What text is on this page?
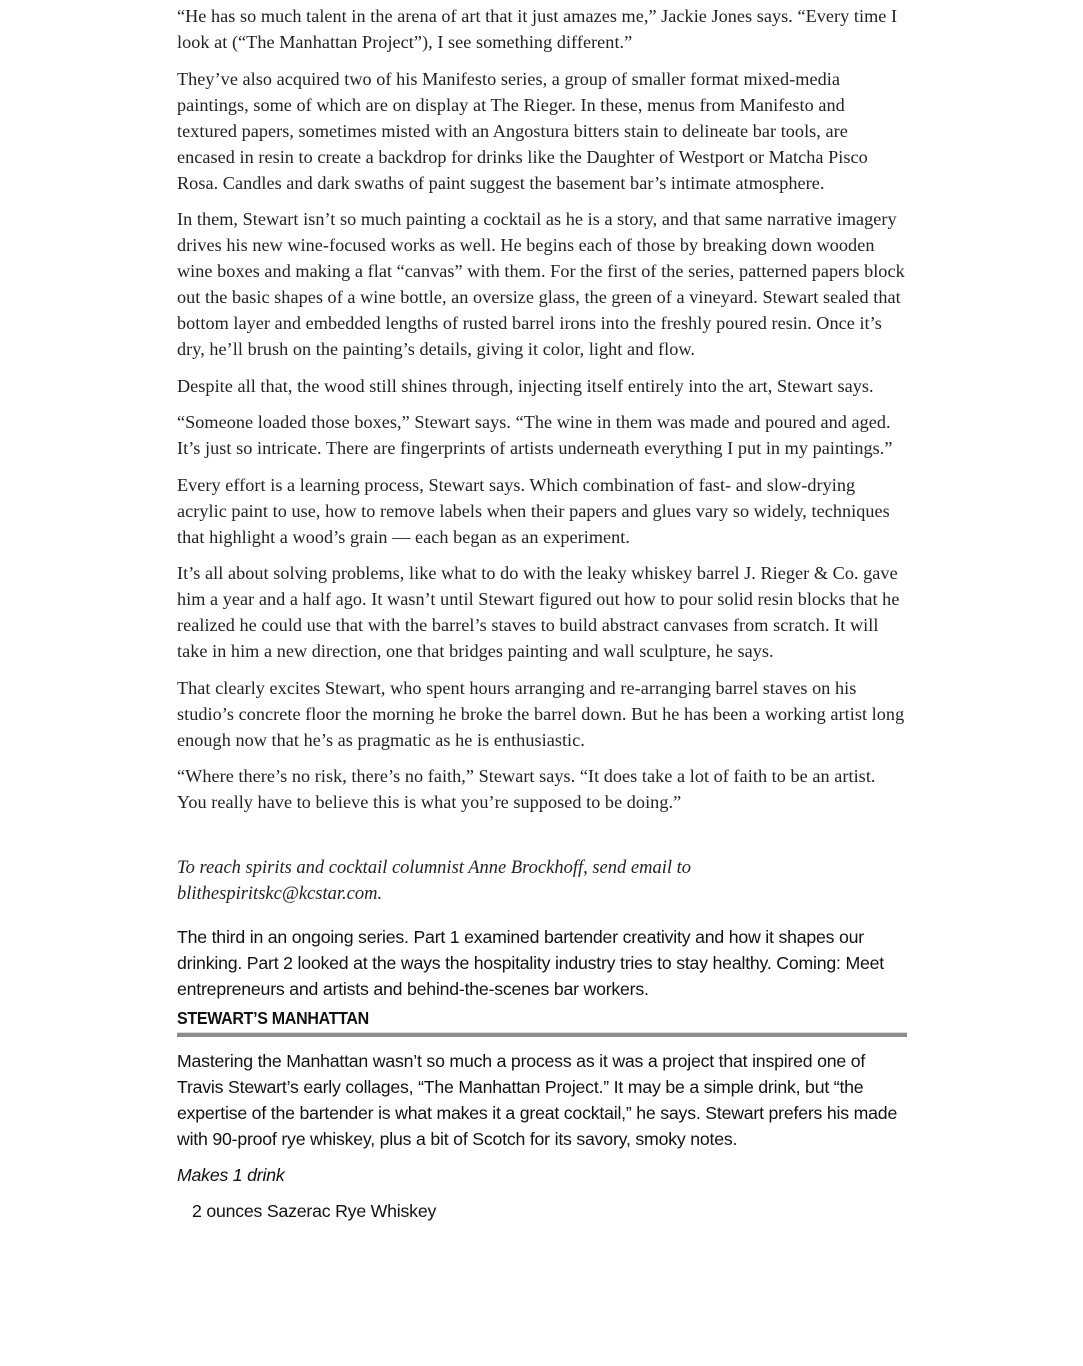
“He has so much talent in the arena of art that it just amazes me,” Jackie Jones says. “Every time I look at (“The Manhattan Project”), I see something different.”

They’ve also acquired two of his Manifesto series, a group of smaller format mixed-media paintings, some of which are on display at The Rieger. In these, menus from Manifesto and textured papers, sometimes misted with an Angostura bitters stain to delineate bar tools, are encased in resin to create a backdrop for drinks like the Daughter of Westport or Matcha Pisco Rosa. Candles and dark swaths of paint suggest the basement bar’s intimate atmosphere.

In them, Stewart isn’t so much painting a cocktail as he is a story, and that same narrative imagery drives his new wine-focused works as well. He begins each of those by breaking down wooden wine boxes and making a flat “canvas” with them. For the first of the series, patterned papers block out the basic shapes of a wine bottle, an oversize glass, the green of a vineyard. Stewart sealed that bottom layer and embedded lengths of rusted barrel irons into the freshly poured resin. Once it’s dry, he’ll brush on the painting’s details, giving it color, light and flow.

Despite all that, the wood still shines through, injecting itself entirely into the art, Stewart says.

“Someone loaded those boxes,” Stewart says. “The wine in them was made and poured and aged. It’s just so intricate. There are fingerprints of artists underneath everything I put in my paintings.”

Every effort is a learning process, Stewart says. Which combination of fast- and slow-drying acrylic paint to use, how to remove labels when their papers and glues vary so widely, techniques that highlight a wood’s grain — each began as an experiment.

It’s all about solving problems, like what to do with the leaky whiskey barrel J. Rieger & Co. gave him a year and a half ago. It wasn’t until Stewart figured out how to pour solid resin blocks that he realized he could use that with the barrel’s staves to build abstract canvases from scratch. It will take in him a new direction, one that bridges painting and wall sculpture, he says.

That clearly excites Stewart, who spent hours arranging and re-arranging barrel staves on his studio’s concrete floor the morning he broke the barrel down. But he has been a working artist long enough now that he’s as pragmatic as he is enthusiastic.

“Where there’s no risk, there’s no faith,” Stewart says. “It does take a lot of faith to be an artist. You really have to believe this is what you’re supposed to be doing.”

To reach spirits and cocktail columnist Anne Brockhoff, send email to
blithespiritskc@kcstar.com.

The third in an ongoing series. Part 1 examined bartender creativity and how it shapes our drinking. Part 2 looked at the ways the hospitality industry tries to stay healthy. Coming: Meet entrepreneurs and artists and behind-the-scenes bar workers.

STEWART’S MANHATTAN

Mastering the Manhattan wasn’t so much a process as it was a project that inspired one of Travis Stewart’s early collages, “The Manhattan Project.” It may be a simple drink, but “the expertise of the bartender is what makes it a great cocktail,” he says. Stewart prefers his made with 90-proof rye whiskey, plus a bit of Scotch for its savory, smoky notes.

Makes 1 drink

2 ounces Sazerac Rye Whiskey
